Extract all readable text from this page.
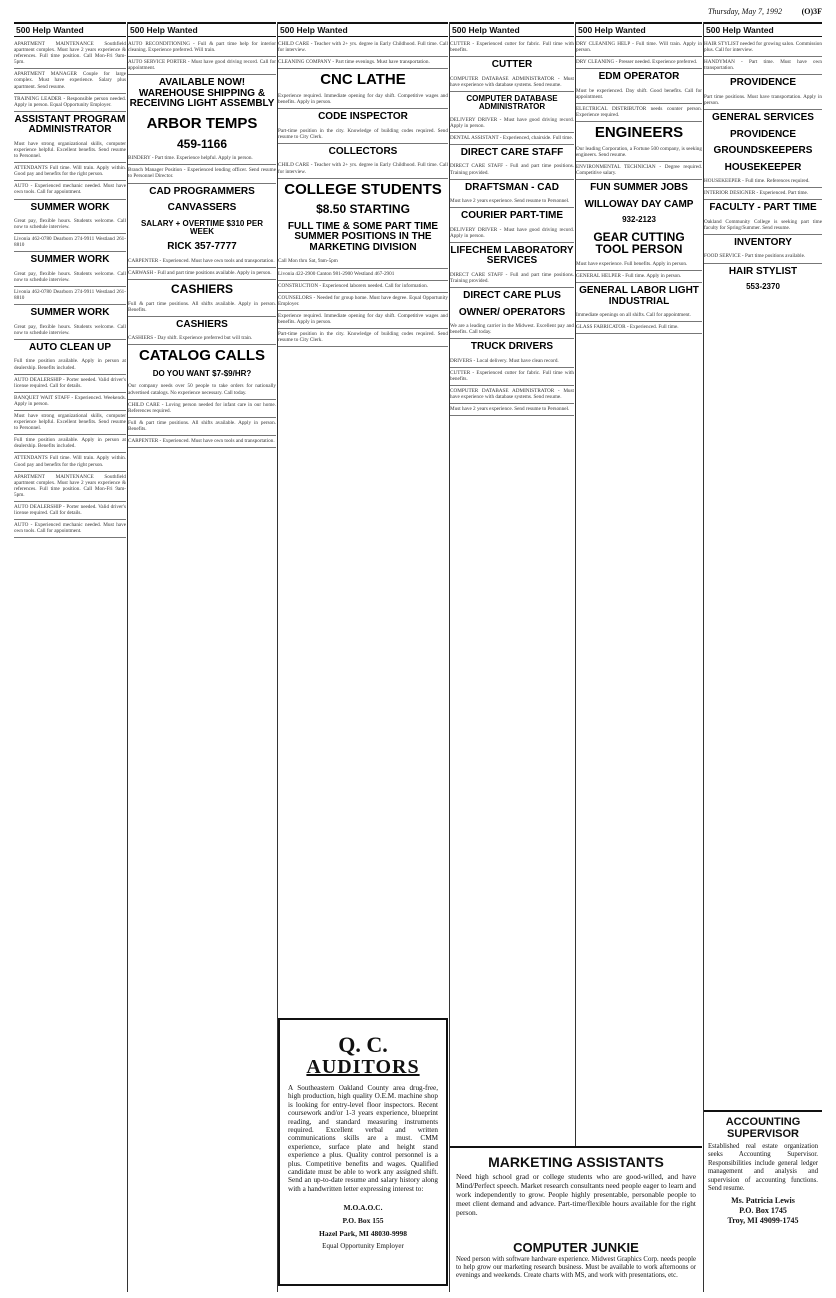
Thursday, May 7, 1992 (O)3F
500 Help Wanted
APARTMENT MAINTENANCE Southfield apartment complex. Must have 2 years experience & references. Full time position. Call Mon-Fri 9am-5pm.
APARTMENT MANAGER Couple for large complex. Must have experience. Salary plus apartment. Send resume.
TRAINING LEADER - Responsible person needed. Apply in person. Equal Opportunity Employer.
ASSISTANT PROGRAM ADMINISTRATOR
Must have strong organizational skills, computer experience helpful. Excellent benefits. Send resume to Personnel.
ATTENDANTS Full time. Will train. Apply within. Good pay and benefits for the right person.
AUTO - Experienced mechanic needed. Must have own tools. Call for appointment.
SUMMER WORK
Great pay, flexible hours. Students welcome. Call now to schedule interview.
Livonia 462-0780 Dearborn 274-9911 Westland 261-8810
SUMMER WORK
Great pay, flexible hours. Students welcome. Call now to schedule interview.
Livonia 462-0780 Dearborn 274-9911 Westland 261-8810
SUMMER WORK
Great pay, flexible hours. Students welcome. Call now to schedule interview.
AUTO CLEAN UP
Full time position available. Apply in person at dealership. Benefits included.
AUTO DEALERSHIP - Porter needed. Valid driver's license required. Call for details.
BANQUET WAIT STAFF - Experienced. Weekends. Apply in person.
Must have strong organizational skills, computer experience helpful. Excellent benefits. Send resume to Personnel.
Full time position available. Apply in person at dealership. Benefits included.
ATTENDANTS Full time. Will train. Apply within. Good pay and benefits for the right person.
APARTMENT MAINTENANCE Southfield apartment complex. Must have 2 years experience & references. Full time position. Call Mon-Fri 9am-5pm.
AUTO DEALERSHIP - Porter needed. Valid driver's license required. Call for details.
AUTO - Experienced mechanic needed. Must have own tools. Call for appointment.
500 Help Wanted
AUTO RECONDITIONING - Full & part time help for interior cleaning. Experience preferred. Will train.
AUTO SERVICE PORTER - Must have good driving record. Call for appointment.
AVAILABLE NOW! WAREHOUSE SHIPPING & RECEIVING LIGHT ASSEMBLY
ARBOR TEMPS
459-1166
BINDERY - Part time. Experience helpful. Apply in person.
Branch Manager Position - Experienced lending officer. Send resume to Personnel Director.
CAD PROGRAMMERS
CANVASSERS
SALARY + OVERTIME $310 PER WEEK
RICK 357-7777
CARPENTER - Experienced. Must have own tools and transportation.
CARWASH - Full and part time positions available. Apply in person.
CASHIERS
Full & part time positions. All shifts available. Apply in person. Benefits.
CASHIERS
CASHIERS - Day shift. Experience preferred but will train.
CATALOG CALLS
DO YOU WANT $7-$9/HR?
Our company needs over 50 people to take orders for nationally advertised catalogs. No experience necessary. Call today.
CHILD CARE - Loving person needed for infant care in our home. References required.
Full & part time positions. All shifts available. Apply in person. Benefits.
CARPENTER - Experienced. Must have own tools and transportation.
500 Help Wanted
CHILD CARE - Teacher with 2+ yrs. degree in Early Childhood. Full time. Call for interview.
CLEANING COMPANY - Part time evenings. Must have transportation.
CNC LATHE
Experience required. Immediate opening for day shift. Competitive wages and benefits. Apply in person.
CODE INSPECTOR
Part-time position in the city. Knowledge of building codes required. Send resume to City Clerk.
COLLECTORS
CHILD CARE - Teacher with 2+ yrs. degree in Early Childhood. Full time. Call for interview.
COLLEGE STUDENTS
$8.50 STARTING
FULL TIME & SOME PART TIME SUMMER POSITIONS IN THE MARKETING DIVISION
Call Mon thru Sat, 9am-5pm
Livonia 422-2900 Canton 981-2900 Westland 467-2901
CONSTRUCTION - Experienced laborers needed. Call for information.
COUNSELORS - Needed for group home. Must have degree. Equal Opportunity Employer.
Experience required. Immediate opening for day shift. Competitive wages and benefits. Apply in person.
Part-time position in the city. Knowledge of building codes required. Send resume to City Clerk.
500 Help Wanted
CUTTER - Experienced cutter for fabric. Full time with benefits.
CUTTER
COMPUTER DATABASE ADMINISTRATOR - Must have experience with database systems. Send resume.
COMPUTER DATABASE ADMINISTRATOR
DELIVERY DRIVER - Must have good driving record. Apply in person.
DENTAL ASSISTANT - Experienced, chairside. Full time.
DIRECT CARE STAFF
DIRECT CARE STAFF - Full and part time positions. Training provided.
DRAFTSMAN - CAD
Must have 2 years experience. Send resume to Personnel.
COURIER PART-TIME
DELIVERY DRIVER - Must have good driving record. Apply in person.
LIFECHEM LABORATORY SERVICES
DIRECT CARE STAFF - Full and part time positions. Training provided.
DIRECT CARE PLUS
OWNER/ OPERATORS
We are a leading carrier in the Midwest. Excellent pay and benefits. Call today.
TRUCK DRIVERS
DRIVERS - Local delivery. Must have clean record.
CUTTER - Experienced cutter for fabric. Full time with benefits.
COMPUTER DATABASE ADMINISTRATOR - Must have experience with database systems. Send resume.
Must have 2 years experience. Send resume to Personnel.
500 Help Wanted
DRY CLEANING HELP - Full time. Will train. Apply in person.
DRY CLEANING - Presser needed. Experience preferred.
EDM OPERATOR
Must be experienced. Day shift. Good benefits. Call for appointment.
ELECTRICAL DISTRIBUTOR needs counter person. Experience required.
ENGINEERS
Our leading Corporation, a Fortune 500 company, is seeking engineers. Send resume.
ENVIRONMENTAL TECHNICIAN - Degree required. Competitive salary.
FUN SUMMER JOBS
WILLOWAY DAY CAMP
932-2123
GEAR CUTTING TOOL PERSON
Must have experience. Full benefits. Apply in person.
GENERAL HELPER - Full time. Apply in person.
GENERAL LABOR LIGHT INDUSTRIAL
Immediate openings on all shifts. Call for appointment.
GLASS FABRICATOR - Experienced. Full time.
500 Help Wanted
HAIR STYLIST needed for growing salon. Commission plus. Call for interview.
HANDYMAN - Part time. Must have own transportation.
PROVIDENCE
Part time positions. Must have transportation. Apply in person.
GENERAL SERVICES
PROVIDENCE
GROUNDSKEEPERS
HOUSEKEEPER
HOUSEKEEPER - Full time. References required.
INTERIOR DESIGNER - Experienced. Part time.
FACULTY - PART TIME
Oakland Community College is seeking part time faculty for Spring/Summer. Send resume.
INVENTORY
FOOD SERVICE - Part time positions available.
HAIR STYLIST
553-2370
Q. C.
AUDITORS
A Southeastern Oakland County area drug-free, high production, high quality O.E.M. machine shop is looking for entry-level floor inspectors. Recent coursework and/or 1-3 years experience, blueprint reading, and standard measuring instruments required. Excellent verbal and written communications skills are a must. CMM experience, surface plate and height stand experience a plus. Quality control personnel is a plus. Competitive benefits and wages. Qualified candidate must be able to work any assigned shift. Send an up-to-date resume and salary history along with a handwritten letter expressing interest to:
M.O.A.O.C.
P.O. Box 155
Hazel Park, MI 48030-9998
Equal Opportunity Employer
MARKETING ASSISTANTS

Need high school grad or college students who are good-willed, and have Mind/Perfect speech. Market research consultants need people eager to learn and work independently to grow. People highly presentable, personable people to meet client demand and advance. Part-time/flexible hours available for the right person.

COMPUTER JUNKIE

Need person with software hardware experience. Midwest Graphics Corp. needs people to help grow our marketing research business. Must be available to work afternoons or evenings and weekends. Create charts with MS, and work with presentations, etc.

ACCOUNTING SUPERVISOR

Established real estate organization seeks Accounting Supervisor. Responsibilities include general ledger management and analysis and supervision of accounting functions. Send resume.

Ms. Patricia Lewis
P.O. Box 1745
Troy, MI 49099-1745
